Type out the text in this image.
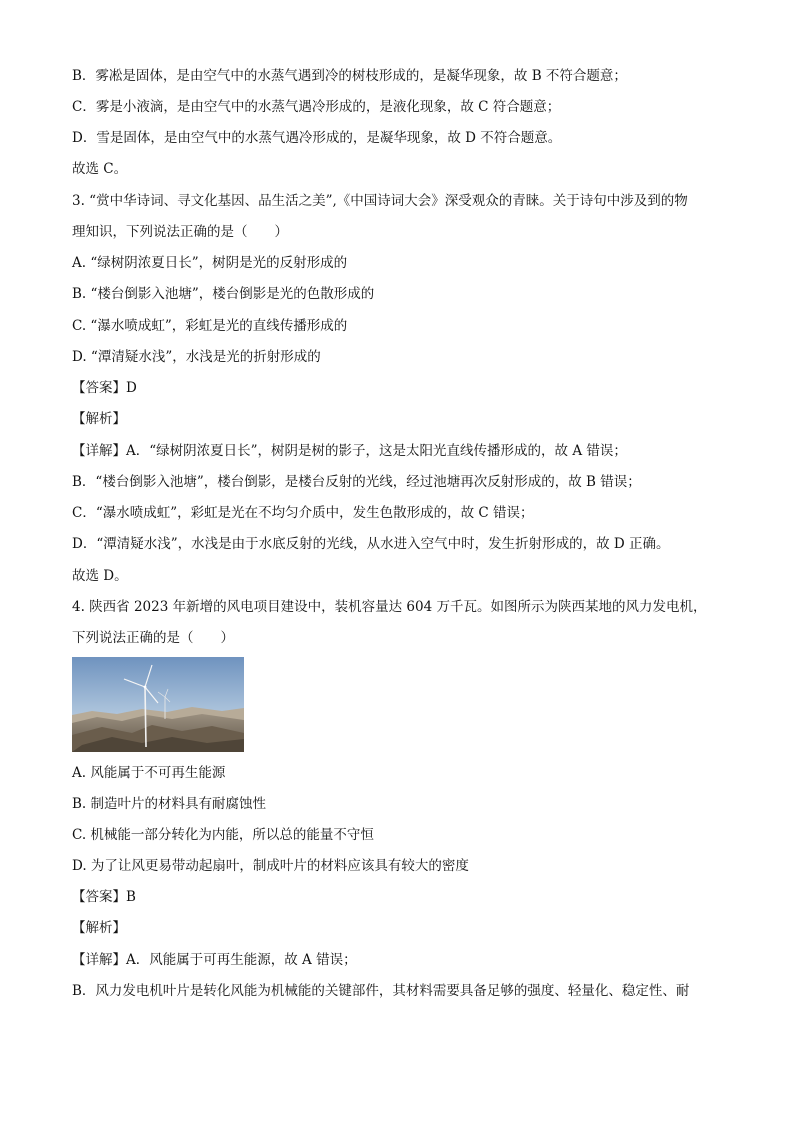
B．雾凇是固体，是由空气中的水蒸气遇到冷的树枝形成的，是凝华现象，故 B 不符合题意；
C．雾是小液滴，是由空气中的水蒸气遇冷形成的，是液化现象，故 C 符合题意；
D．雪是固体，是由空气中的水蒸气遇冷形成的，是凝华现象，故 D 不符合题意。
故选 C。
3. “赏中华诗词、寻文化基因、品生活之美”,《中国诗词大会》深受观众的青睐。关于诗句中涉及到的物
理知识，下列说法正确的是（　　）
A. “绿树阴浓夏日长”，树阴是光的反射形成的
B. “楼台倒影入池塘”，楼台倒影是光的色散形成的
C. “瀑水喷成虹”，彩虹是光的直线传播形成的
D. “潭清疑水浅”，水浅是光的折射形成的
【答案】D
【解析】
【详解】A．“绿树阴浓夏日长”，树阴是树的影子，这是太阳光直线传播形成的，故 A 错误；
B．“楼台倒影入池塘”，楼台倒影，是楼台反射的光线，经过池塘再次反射形成的，故 B 错误；
C．“瀑水喷成虹”，彩虹是光在不均匀介质中，发生色散形成的，故 C 错误；
D．“潭清疑水浅”，水浅是由于水底反射的光线，从水进入空气中时，发生折射形成的，故 D 正确。
故选 D。
4. 陕西省 2023 年新增的风电项目建设中，装机容量达 604 万千瓦。如图所示为陕西某地的风力发电机，
下列说法正确的是（　　）
A. 风能属于不可再生能源
B. 制造叶片的材料具有耐腐蚀性
C. 机械能一部分转化为内能，所以总的能量不守恒
D. 为了让风更易带动起扇叶，制成叶片的材料应该具有较大的密度
【答案】B
【解析】
【详解】A．风能属于可再生能源，故 A 错误；
B．风力发电机叶片是转化风能为机械能的关键部件，其材料需要具备足够的强度、轻量化、稳定性、耐
